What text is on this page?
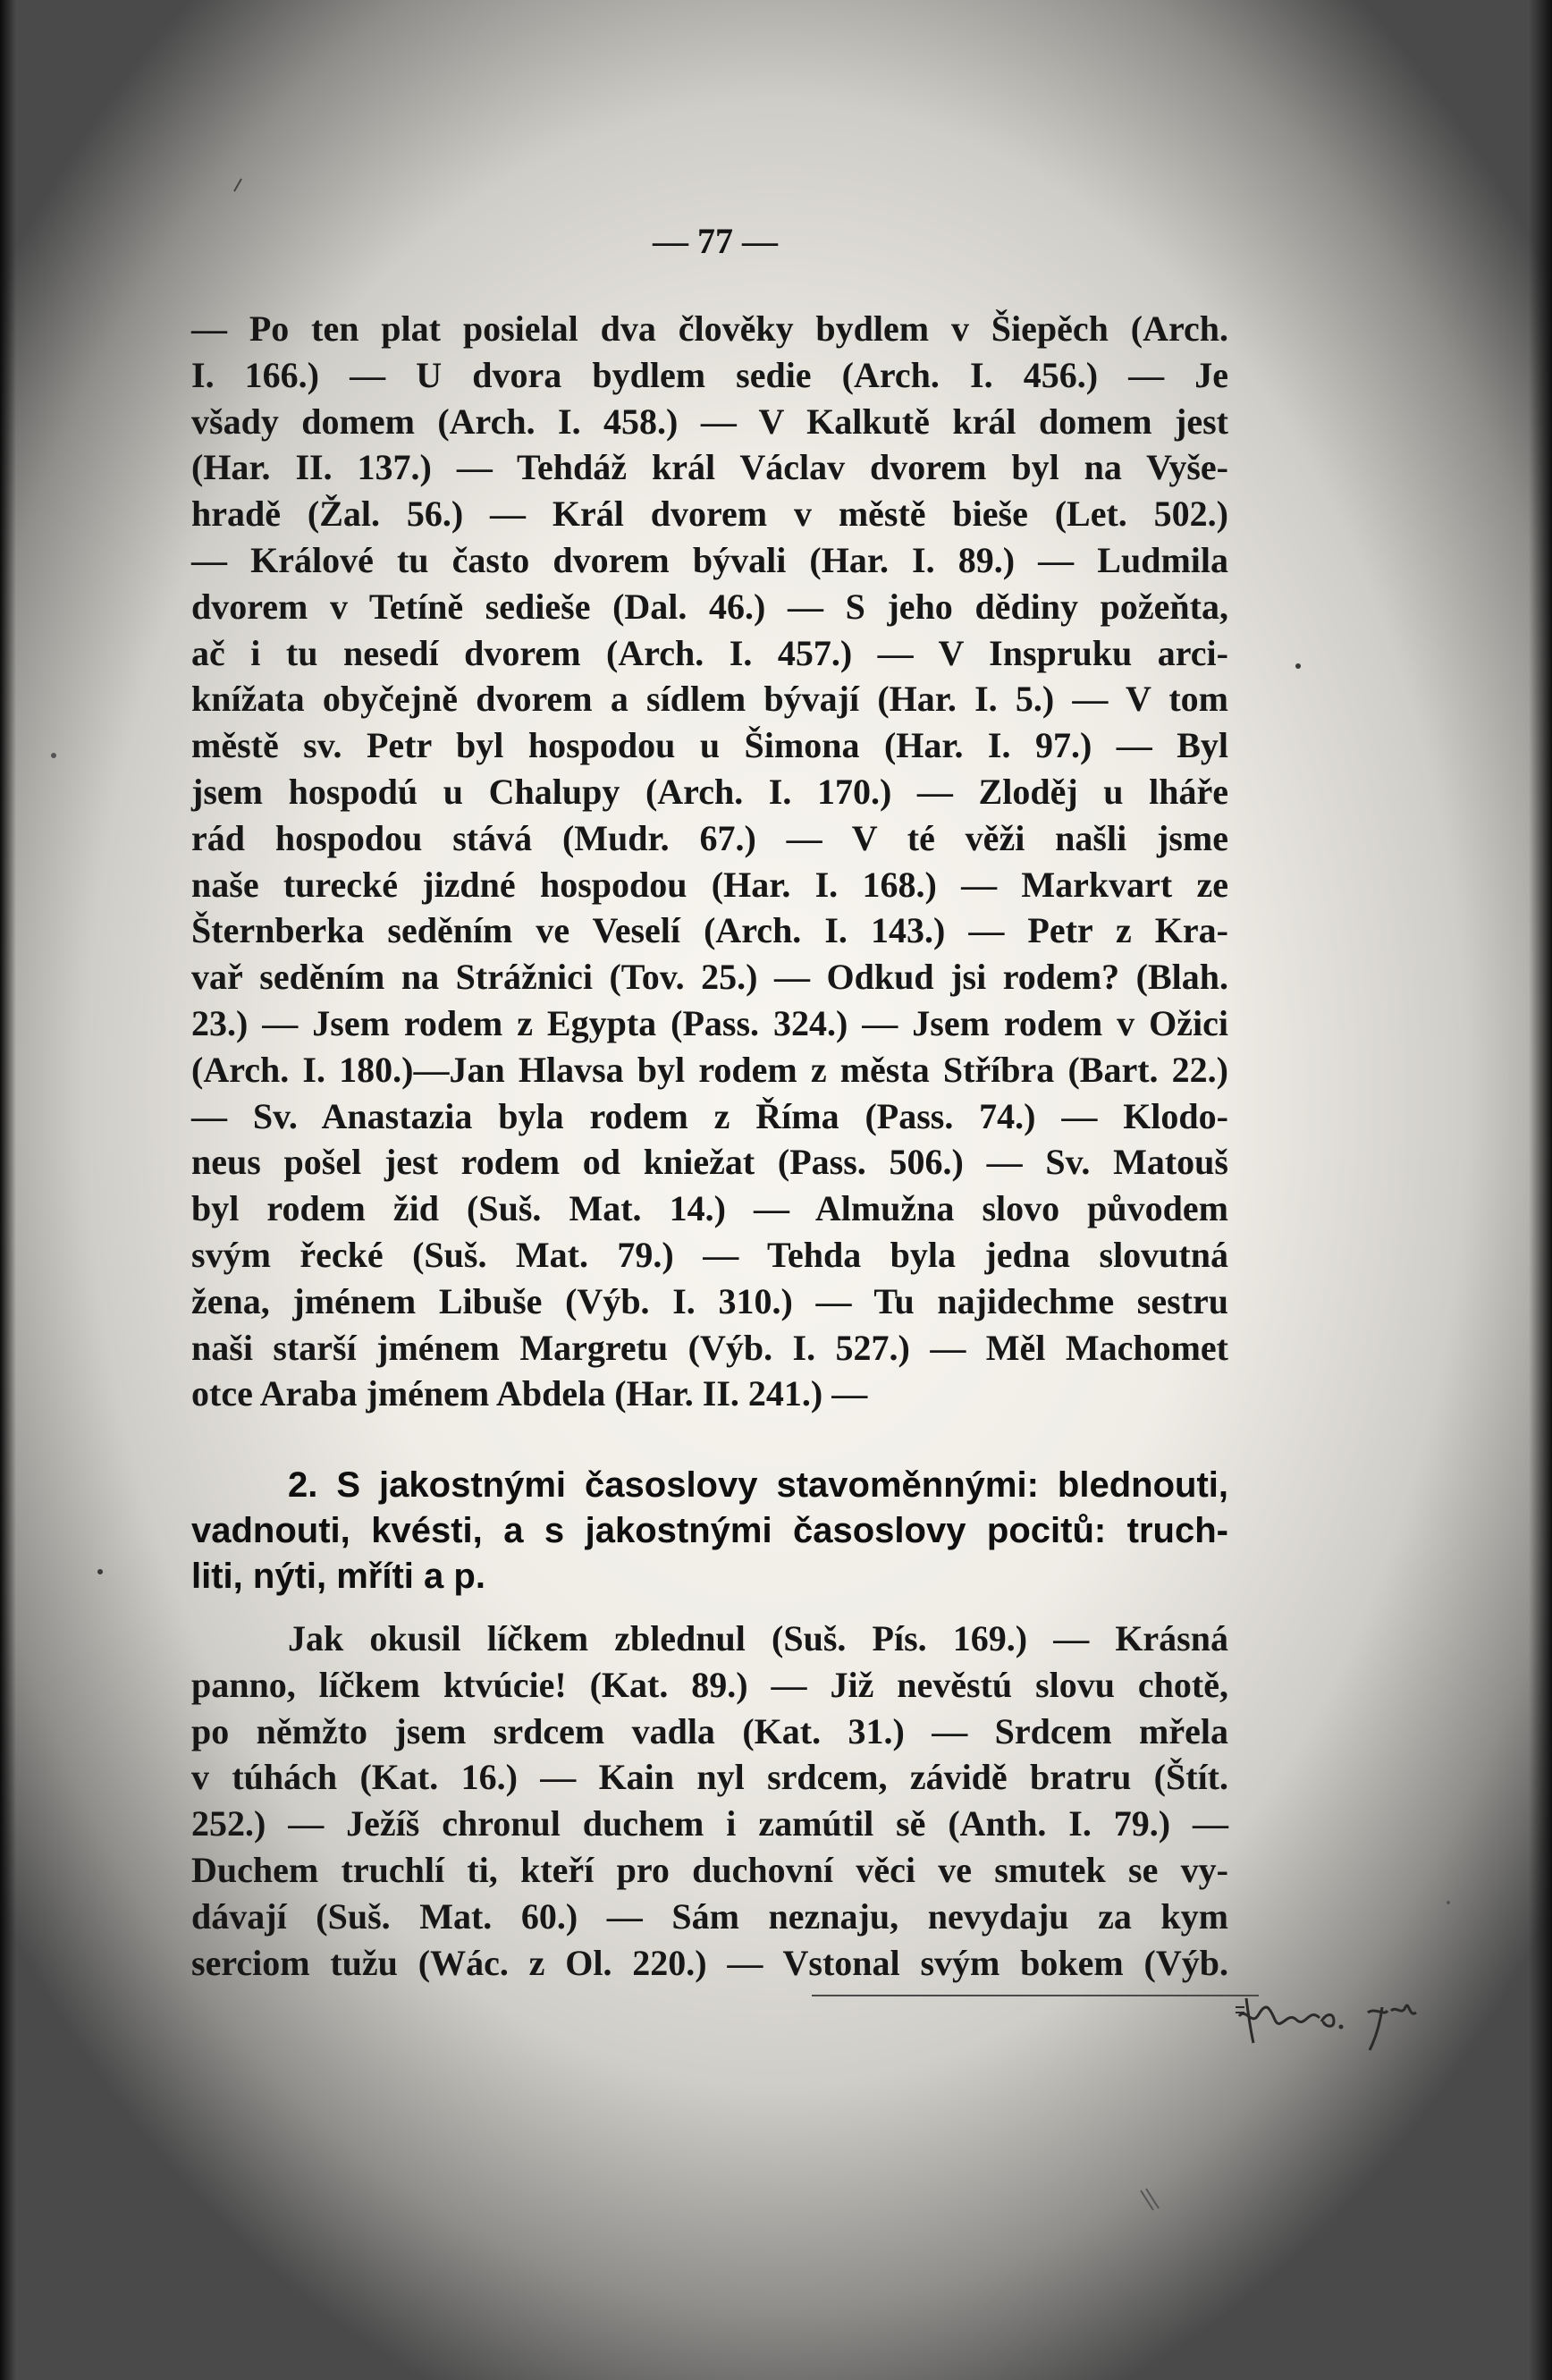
— 77 —
— Po ten plat posielal dva člověky bydlem v Šiepěch (Arch.
I. 166.) — U dvora bydlem sedie (Arch. I. 456.) — Je
všady domem (Arch. I. 458.) — V Kalkutě král domem jest
(Har. II. 137.) — Tehdáž král Václav dvorem byl na Vyše-
hradě (Žal. 56.) — Král dvorem v městě bieše (Let. 502.)
— Králové tu často dvorem bývali (Har. I. 89.) — Ludmila
dvorem v Tetíně sedieše (Dal. 46.) — S jeho dědiny požeňta,
ač i tu nesedí dvorem (Arch. I. 457.) — V Inspruku arci-
knížata obyčejně dvorem a sídlem bývají (Har. I. 5.) — V tom
městě sv. Petr byl hospodou u Šimona (Har. I. 97.) — Byl
jsem hospodú u Chalupy (Arch. I. 170.) — Zloděj u lháře
rád hospodou stává (Mudr. 67.) — V té věži našli jsme
naše turecké jizdné hospodou (Har. I. 168.) — Markvart ze
Šternberka seděním ve Veselí (Arch. I. 143.) — Petr z Kra-
vař seděním na Strážnici (Tov. 25.) — Odkud jsi rodem? (Blah.
23.) — Jsem rodem z Egypta (Pass. 324.) — Jsem rodem v Ožici
(Arch. I. 180.)—Jan Hlavsa byl rodem z města Stříbra (Bart. 22.)
— Sv. Anastazia byla rodem z Říma (Pass. 74.) — Klodo-
neus pošel jest rodem od kniežat (Pass. 506.) — Sv. Matouš
byl rodem žid (Suš. Mat. 14.) — Almužna slovo původem
svým řecké (Suš. Mat. 79.) — Tehda byla jedna slovutná
žena, jménem Libuše (Výb. I. 310.) — Tu najidechme sestru
naši starší jménem Margretu (Výb. I. 527.) — Měl Machomet
otce Araba jménem Abdela (Har. II. 241.) —
2. S jakostnými časoslovy stavoměnnými: blednouti,
vadnouti, kvésti, a s jakostnými časoslovy pocitů: truch-
liti, nýti, mříti a p.
Jak okusil líčkem zblednul (Suš. Pís. 169.) — Krásná
panno, líčkem ktvúcie! (Kat. 89.) — Již nevěstú slovu chotě,
po němžto jsem srdcem vadla (Kat. 31.) — Srdcem mřela
v túhách (Kat. 16.) — Kain nyl srdcem, závidě bratru (Štít.
252.) — Ježíš chronul duchem i zamútil sě (Anth. I. 79.) —
Duchem truchlí ti, kteří pro duchovní věci ve smutek se vy-
dávají (Suš. Mat. 60.) — Sám neznaju, nevydaju za kym
serciom tužu (Wác. z Ol. 220.) — Vstonal svým bokem (Výb.
